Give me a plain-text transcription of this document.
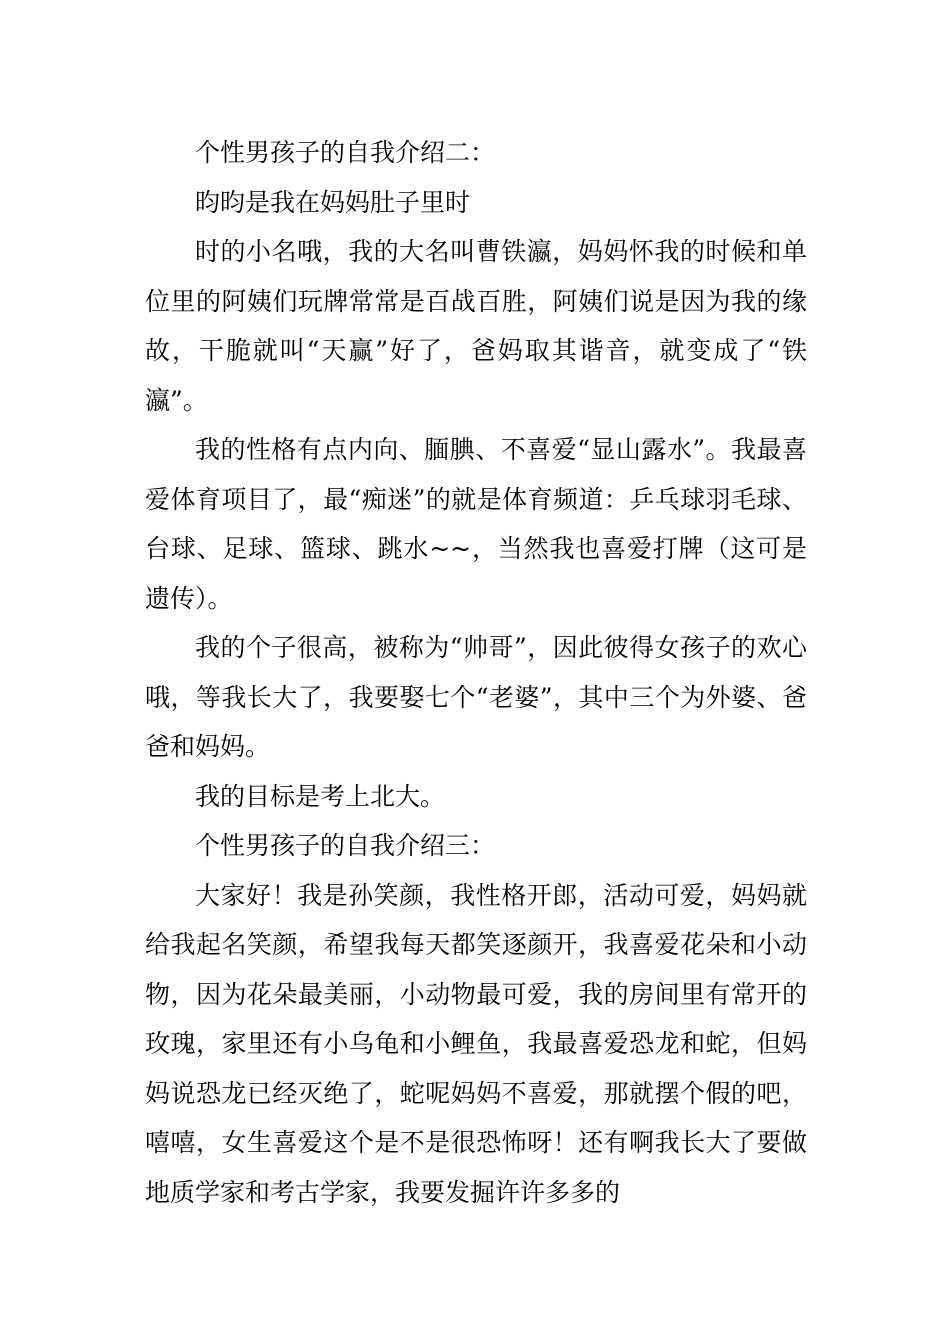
个性男孩子的自我介绍二：

昀昀是我在妈妈肚子里时

时的小名哦，我的大名叫曹铁瀛，妈妈怀我的时候和单位里的阿姨们玩牌常常是百战百胜，阿姨们说是因为我的缘故，干脆就叫“天赢”好了，爸妈取其谐音，就变成了“铁瀛”。

我的性格有点内向、腼腆、不喜爱“显山露水”。我最喜爱体育项目了，最“痴迷”的就是体育频道：乒乓球羽毛球、台球、足球、篮球、跳水~~，当然我也喜爱打牌（这可是遗传）。

我的个子很高，被称为“帅哥”，因此彼得女孩子的欢心哦，等我长大了，我要娶七个“老婆”，其中三个为外婆、爸爸和妈妈。

我的目标是考上北大。

个性男孩子的自我介绍三：

大家好！我是孙笑颜，我性格开郎，活动可爱，妈妈就给我起名笑颜，希望我每天都笑逐颜开，我喜爱花朵和小动物，因为花朵最美丽，小动物最可爱，我的房间里有常开的玫瑰，家里还有小乌龟和小鲤鱼，我最喜爱恐龙和蛇，但妈妈说恐龙已经灭绝了，蛇呢妈妈不喜爱，那就摆个假的吧，嘻嘻，女生喜爱这个是不是很恐怖呀！还有啊我长大了要做地质学家和考古学家，我要发掘许许多多的
